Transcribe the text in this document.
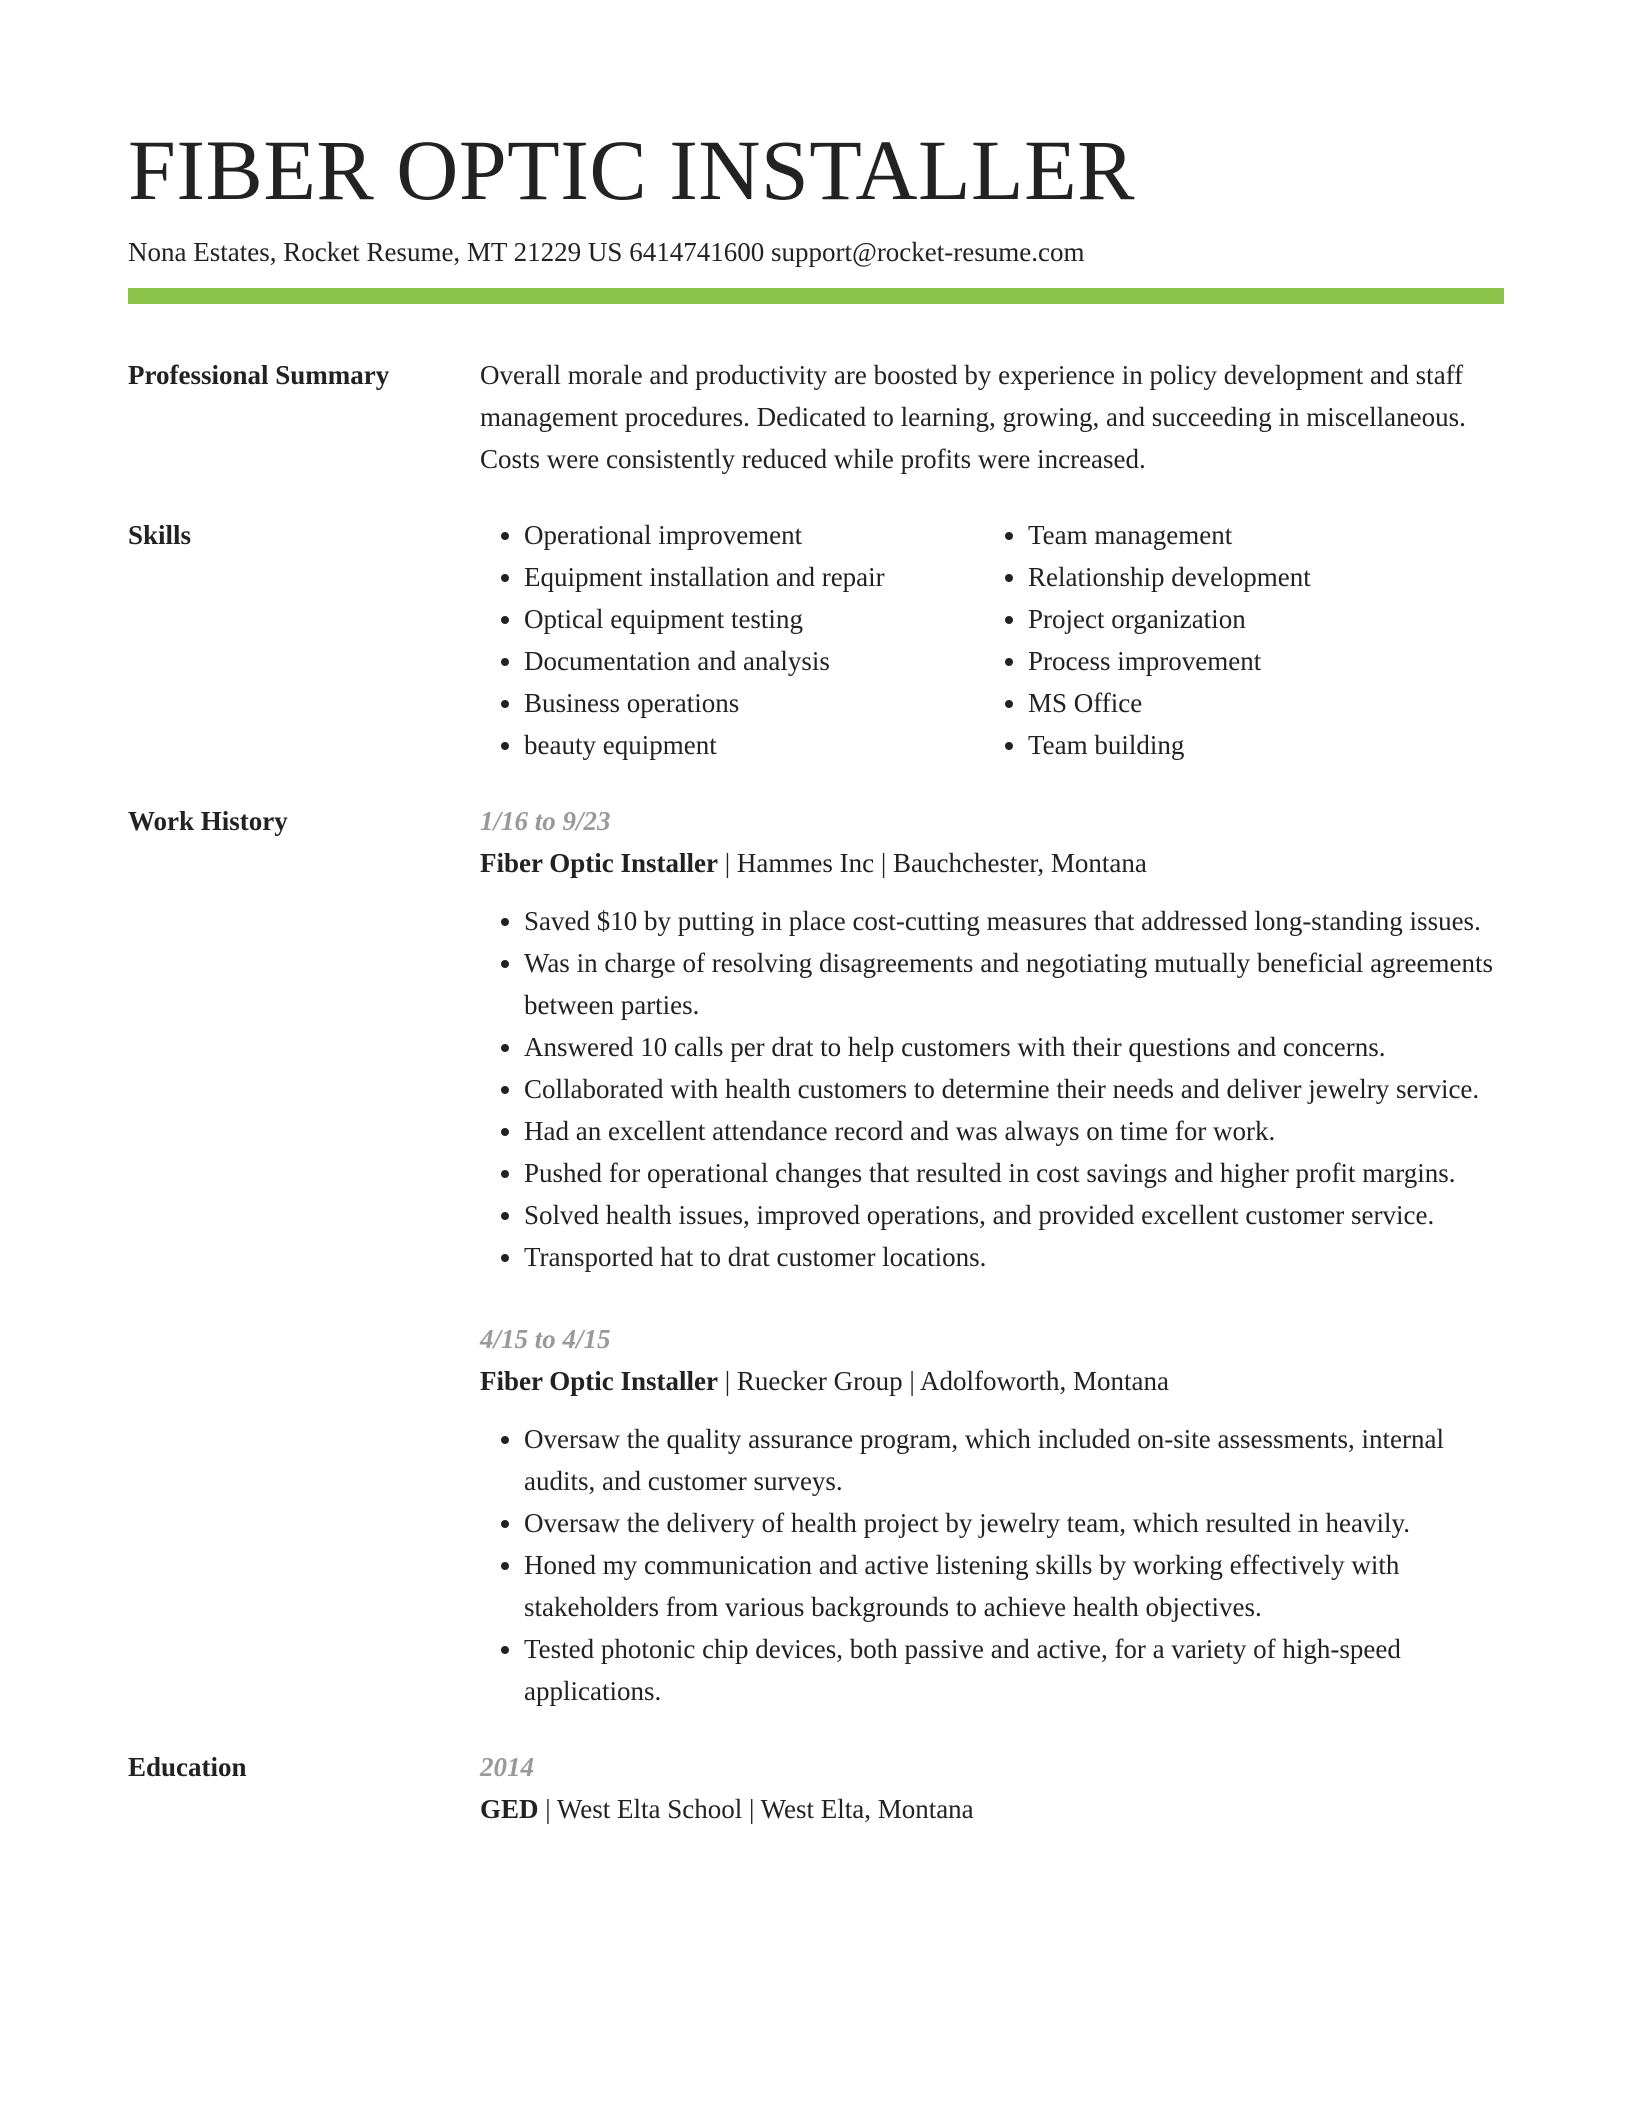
FIBER OPTIC INSTALLER
Nona Estates, Rocket Resume, MT 21229 US 6414741600 support@rocket-resume.com
Professional Summary	Overall morale and productivity are boosted by experience in policy development and staff management procedures. Dedicated to learning, growing, and succeeding in miscellaneous. Costs were consistently reduced while profits were increased.

Skills
•	Operational improvement
• Equipment installation and repair
• Optical equipment testing
• Documentation and analysis
• Business operations
• beauty equipment
• Team management
• Relationship development
• Project organization
• Process improvement
• MS Office
• Team building
Work History	1/16 to 9/23
Fiber Optic Installer | Hammes Inc | Bauchchester, Montana
• Saved $10 by putting in place cost-cutting measures that addressed long-standing issues.
• Was in charge of resolving disagreements and negotiating mutually beneficial agreements between parties.
• Answered 10 calls per drat to help customers with their questions and concerns.
• Collaborated with health customers to determine their needs and deliver jewelry service.
• Had an excellent attendance record and was always on time for work.
• Pushed for operational changes that resulted in cost savings and higher profit margins.
• Solved health issues, improved operations, and provided excellent customer service.
• Transported hat to drat customer locations.
4/15 to 4/15
Fiber Optic Installer | Ruecker Group | Adolfoworth, Montana
• Oversaw the quality assurance program, which included on-site assessments, internal audits, and customer surveys.
• Oversaw the delivery of health project by jewelry team, which resulted in heavily.
• Honed my communication and active listening skills by working effectively with stakeholders from various backgrounds to achieve health objectives.
• Tested photonic chip devices, both passive and active, for a variety of high-speed applications.
Education	2014
GED | West Elta School | West Elta, Montana
